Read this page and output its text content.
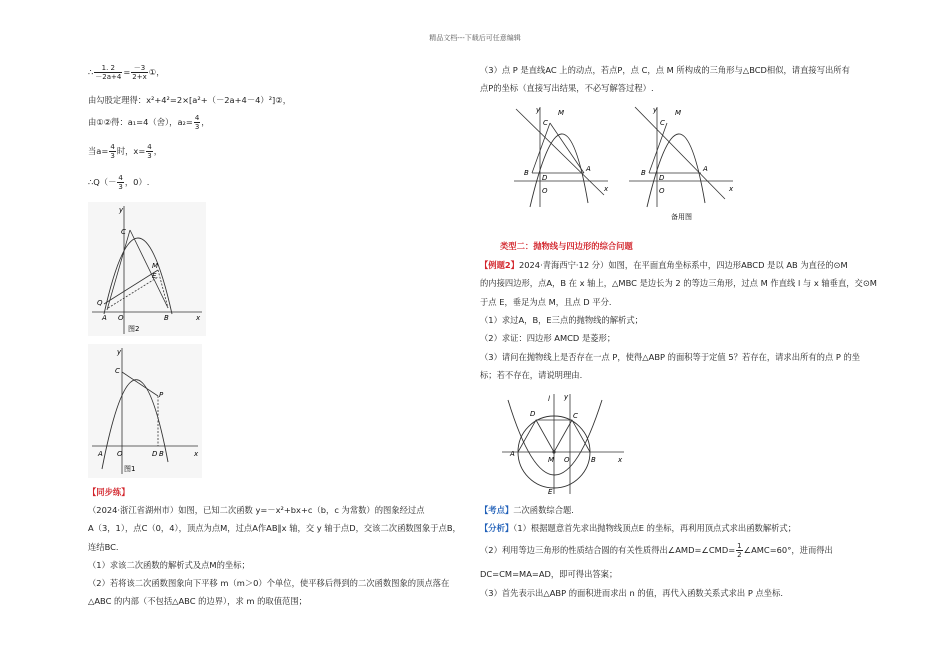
精品文档---下载后可任意编辑
∴ $\frac{1. 2}{-2a+4} = \frac{-3}{2+x}$ ①，
由勾股定理得：x²+4²=2×[a²+（－2a+4－4）²]②，
由①②得：a₁=4（舍），$a_2= \frac{4}{3}$ ，
当$a= \frac{4}{3}$ 时，$x= \frac{4}{3}$ ，
∴Q（－ $\frac{4}{3}$ ，0）.
y
x
C
M
E
Q
A O	B
图2
y
x
C
P
A O	D B
图1
【同步练】
（2024·浙江省湖州市）如图，已知二次函数 y=－x²+bx+c（b，c 为常数）的图象经过点
A（3，1），点C（0，4），顶点为点M，过点A作AB∥x 轴，交 y 轴于点D，交该二次函数图象于点B，
连结BC.
（1）求该二次函数的解析式及点M的坐标；
（2）若将该二次函数图象向下平移 m（m＞0）个单位，使平移后得到的二次函数图象的顶点落在
△ABC 的内部（不包括△ABC 的边界），求 m 的取值范围；
（3）点 P 是直线AC 上的动点，若点P，点 C，点 M 所构成的三角形与△BCD相似，请直接写出所有
点P的坐标（直接写出结果，不必写解答过程）.
y
x
M
C
B
D
A
O
y
x
M
C
B
D
A
O
备用图
类型二：抛物线与四边形的综合问题
【例题2】2024·青海西宁·12 分）如图，在平面直角坐标系中，四边形ABCD 是以 AB 为直径的⊙M
的内接四边形，点A，B 在 x 轴上，△MBC 是边长为 2 的等边三角形，过点 M 作直线 l 与 x 轴垂直，交⊙M
于点 E，垂足为点 M，且点 D 平分.
（1）求过A，B，E三点的抛物线的解析式；
（2）求证：四边形 AMCD 是菱形；
（3）请问在抛物线上是否存在一点 P，使得△ABP 的面积等于定值 5？若存在，请求出所有的点 P 的坐
标；若不存在，请说明理由.
l y
D	C
A
M O	B	x
E
【考点】二次函数综合题.
【分析】（1）根据题意首先求出抛物线顶点E 的坐标，再利用顶点式求出函数解析式；
（2）利用等边三角形的性质结合圆的有关性质得出∠AMD=∠CMD= $\frac{1}{2}$ ∠AMC=60°，进而得出
DC=CM=MA=AD，即可得出答案；
（3）首先表示出△ABP 的面积进而求出 n 的值，再代入函数关系式求出 P 点坐标.
